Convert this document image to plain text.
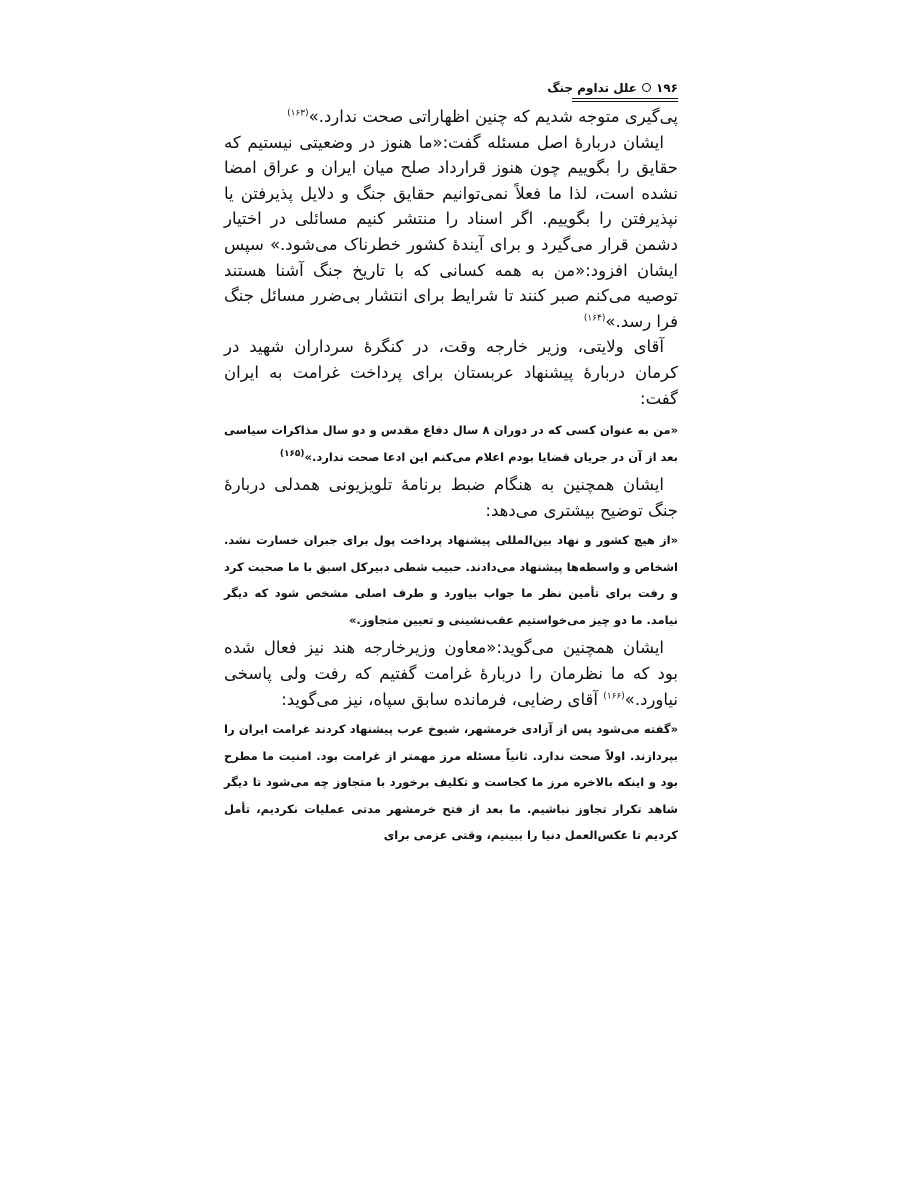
۱۹۶علل تداوم جنگ

پی‌گیری متوجه شدیم که چنین اظهاراتی صحت ندارد.»$^{(۱۶۳)}$

ایشان دربارهٔ اصل مسئله گفت:«ما هنوز در وضعیتی نیستیم که حقایق را بگوییم چون هنوز قرارداد صلح میان ایران و عراق امضا نشده است، لذا ما فعلاً نمی‌توانیم حقایق جنگ و دلایل پذیرفتن یا نپذیرفتن را بگوییم. اگر اسناد را منتشر کنیم مسائلی در اختیار دشمن قرار می‌گیرد و برای آیندهٔ کشور خطرناک می‌شود.» سپس ایشان افزود:«من به همه کسانی که با تاریخ جنگ آشنا هستند توصیه می‌کنم صبر کنند تا شرایط برای انتشار بی‌ضرر مسائل جنگ فرا رسد.»$^{(۱۶۴)}$

آقای ولایتی، وزیر خارجه وقت، در کنگرهٔ سرداران شهید در کرمان دربارهٔ پیشنهاد عربستان برای پرداخت غرامت به ایران گفت:

«من به عنوان کسی که در دوران ۸ سال دفاع مقدس و دو سال مذاکرات سیاسی بعد از آن در جریان قضایا بودم اعلام می‌کنم این ادعا صحت ندارد.»$^{(۱۶۵)}$

ایشان همچنین به هنگام ضبط برنامهٔ تلویزیونی همدلی دربارهٔ جنگ توضیح بیشتری می‌دهد:

«از هیچ کشور و نهاد بین‌المللی پیشنهاد پرداخت پول برای جبران خسارت نشد. اشخاص و واسطه‌ها پیشنهاد می‌دادند. حبیب شطی دبیرکل اسبق با ما صحبت کرد و رفت برای تأمین نظر ما جواب بیاورد و طرف اصلی مشخص شود که دیگر نیامد. ما دو چیز می‌خواستیم عقب‌نشینی و تعیین متجاوز.»

ایشان همچنین می‌گوید:«معاون وزیرخارجه هند نیز فعال شده بود که ما نظرمان را دربارهٔ غرامت گفتیم که رفت ولی پاسخی نیاورد.»$^{(۱۶۶)}$ آقای رضایی، فرمانده سابق سپاه، نیز می‌گوید:

«گفته می‌شود پس از آزادی خرمشهر، شیوخ عرب پیشنهاد کردند غرامت ایران را بپردازند. اولاً صحت ندارد. ثانیاً مسئله مرز مهمتر از غرامت بود. امنیت ما مطرح بود و اینکه بالاخره مرز ما کجاست و تکلیف برخورد با متجاوز چه می‌شود تا دیگر شاهد تکرار تجاوز نباشیم. ما بعد از فتح خرمشهر مدتی عملیات نکردیم، تأمل کردیم تا عکس‌العمل دنیا را ببینیم، وقتی عزمی برای
